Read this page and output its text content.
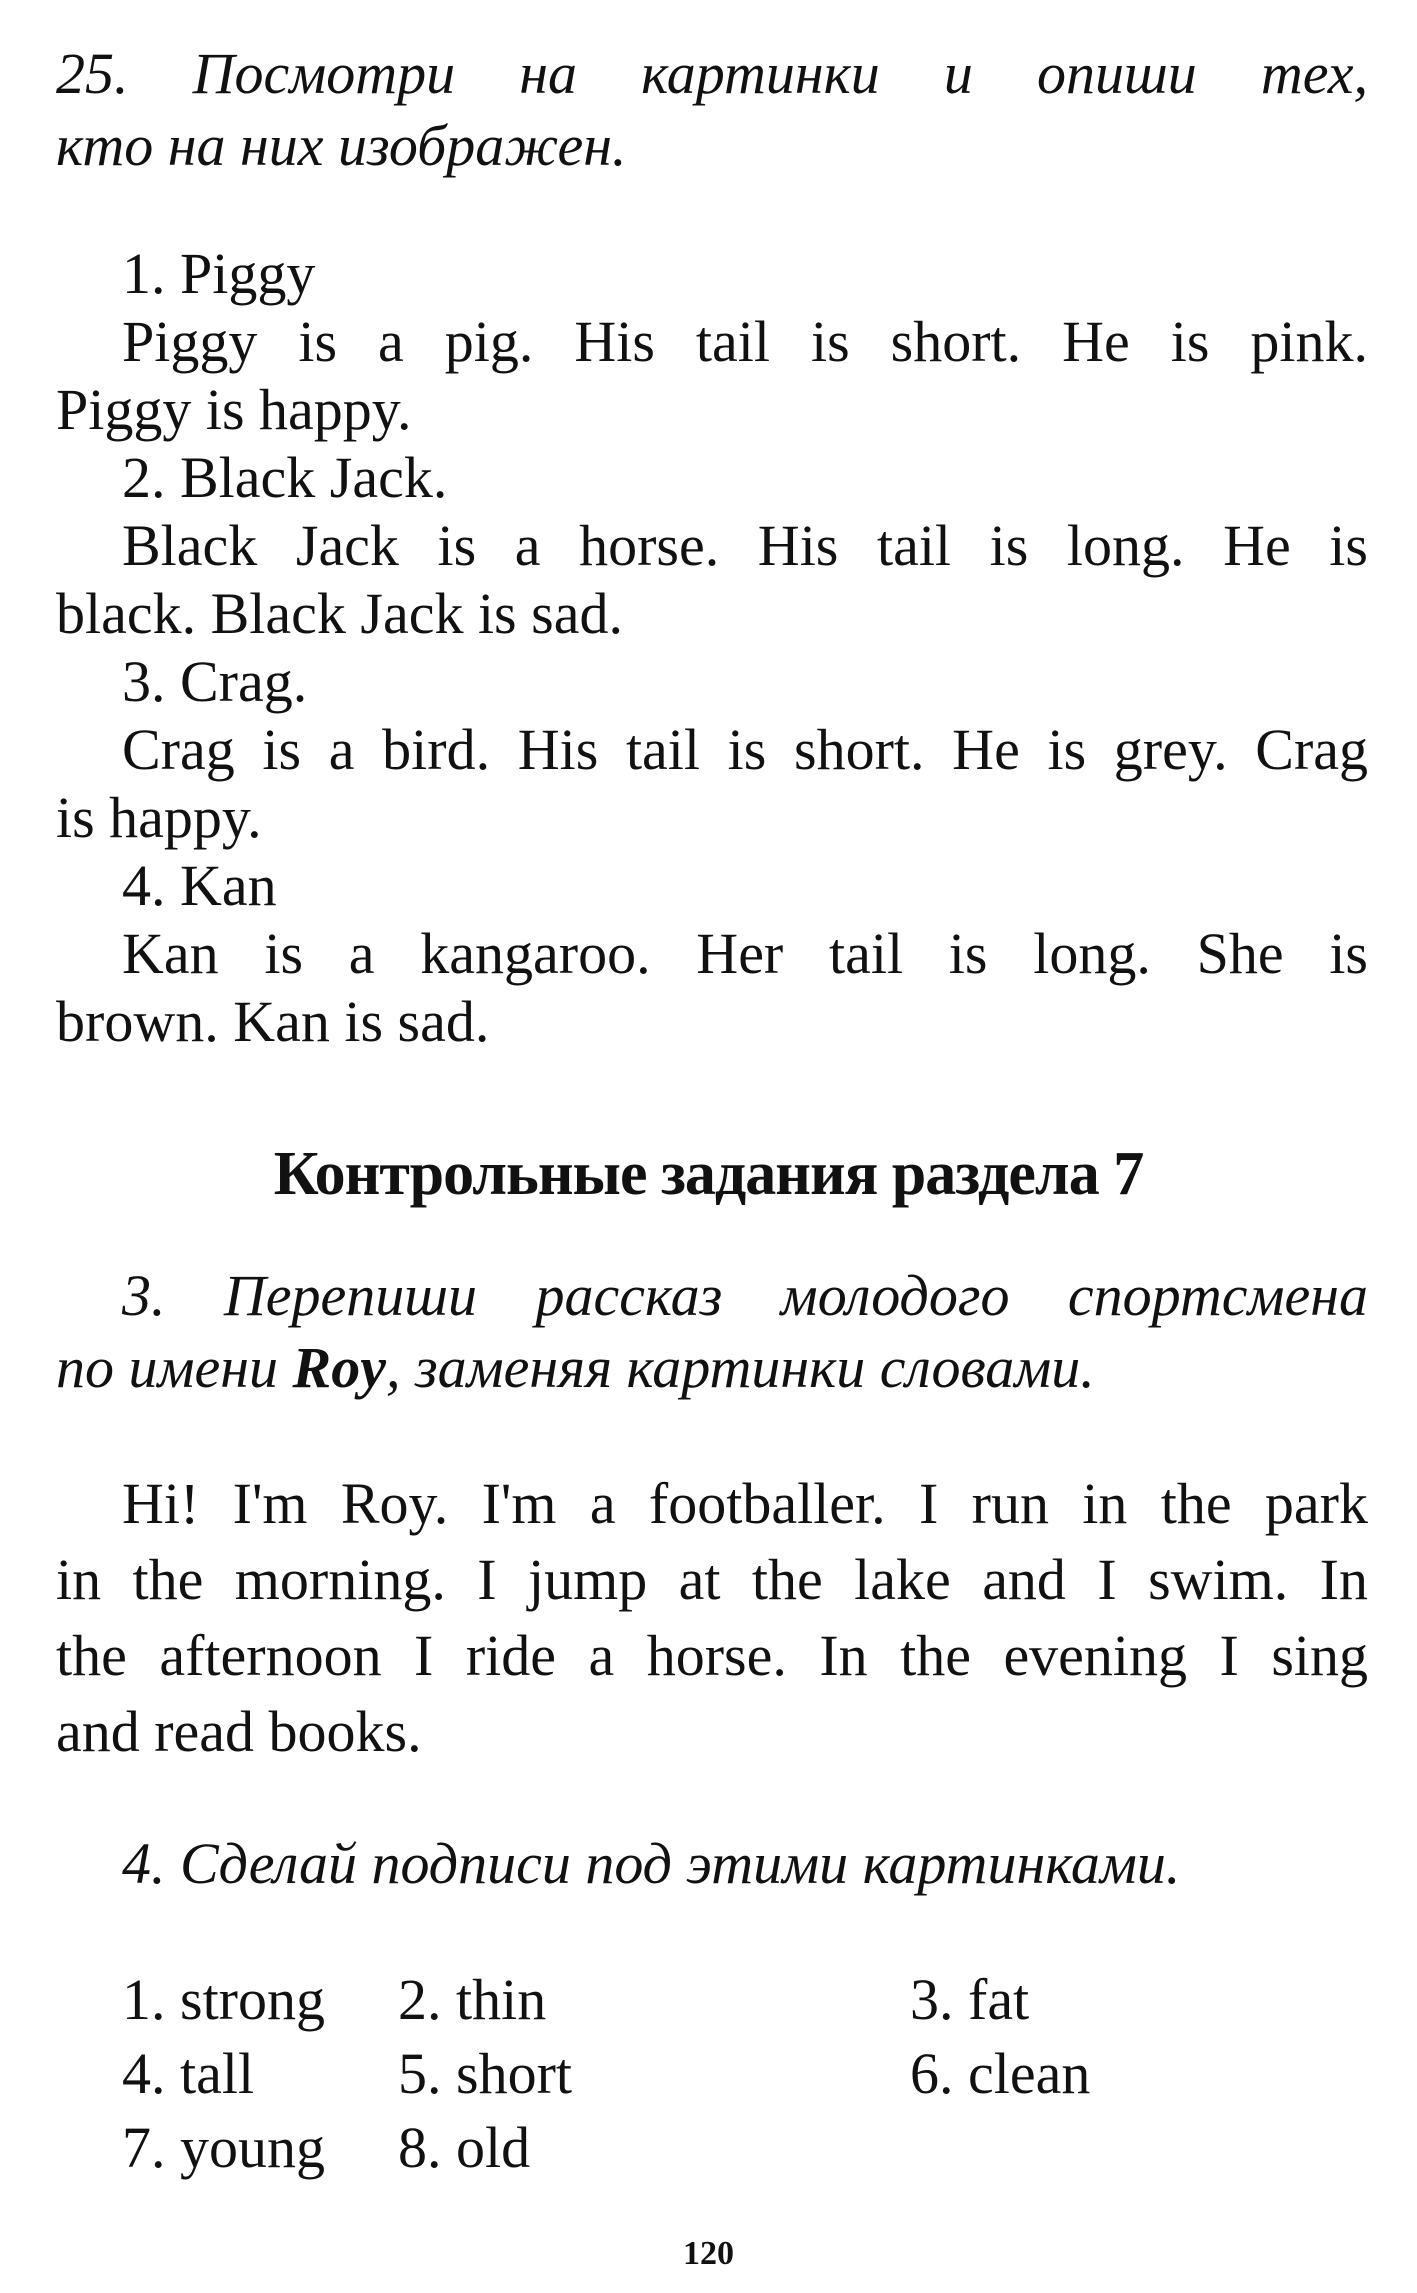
25. Посмотри на картинки и опиши тех,
кто на них изображен.
1. Piggy
Piggy is a pig. His tail is short. He is pink.
Piggy is happy.
2. Black Jack.
Black Jack is a horse. His tail is long. He is
black. Black Jack is sad.
3. Crag.
Crag is a bird. His tail is short. He is grey. Crag
is happy.
4. Kan
Kan is a kangaroo. Her tail is long. She is
brown. Kan is sad.
Контрольные задания раздела 7
3. Перепиши рассказ молодого спортсмена
по имени Roy, заменяя картинки словами.
Hi! I'm Roy. I'm a footballer. I run in the park
in the morning. I jump at the lake and I swim. In
the afternoon I ride a horse. In the evening I sing
and read books.
4. Сделай подписи под этими картинками.
1. strong 2. thin	3. fat
4. tall 5. short	6. clean
7. young 8. old
120
